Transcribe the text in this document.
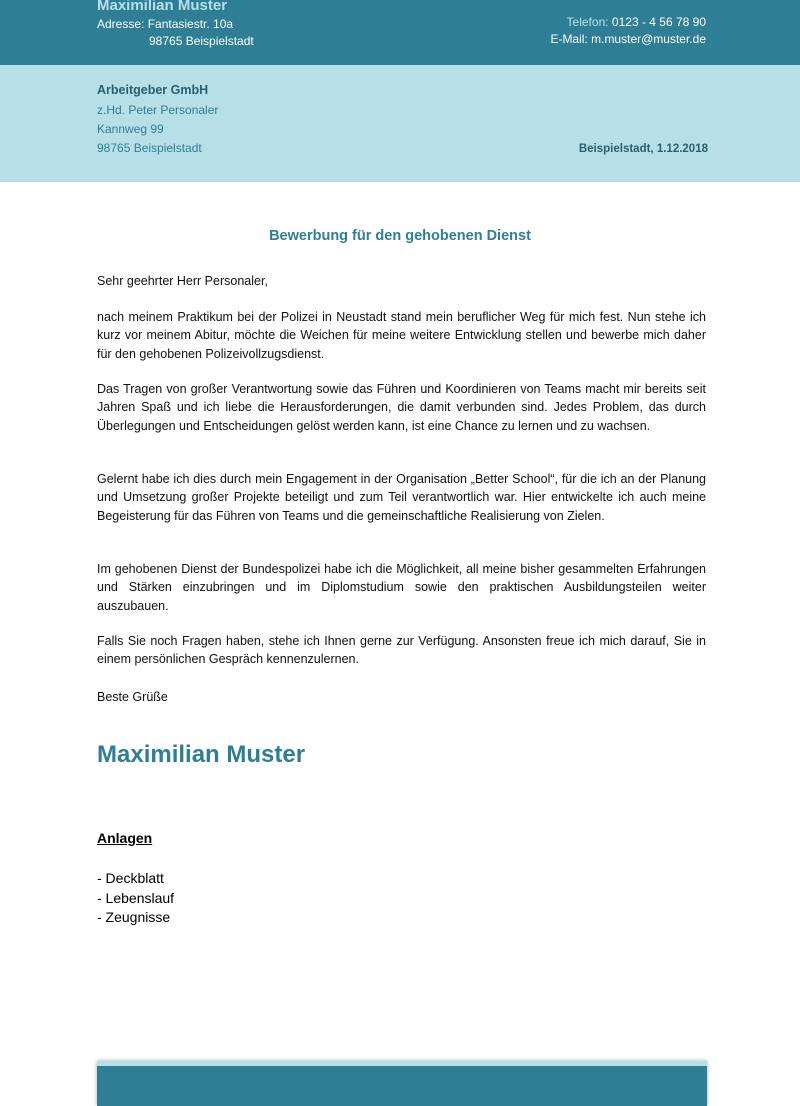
Maximilian Muster
Adresse: Fantasiestr. 10a
98765 Beispielstadt
Telefon: 0123 - 4 56 78 90
E-Mail: m.muster@muster.de
Arbeitgeber GmbH
z.Hd. Peter Personaler
Kannweg 99
98765 Beispielstadt	Beispielstadt, 1.12.2018
Bewerbung für den gehobenen Dienst

Sehr geehrter Herr Personaler,

nach meinem Praktikum bei der Polizei in Neustadt stand mein beruflicher Weg für mich fest. Nun stehe ich kurz vor meinem Abitur, möchte die Weichen für meine weitere Entwicklung stellen und bewerbe mich daher für den gehobenen Polizeivollzugsdienst.

Das Tragen von großer Verantwortung sowie das Führen und Koordinieren von Teams macht mir bereits seit Jahren Spaß und ich liebe die Herausforderungen, die damit verbunden sind. Jedes Problem, das durch Überlegungen und Entscheidungen gelöst werden kann, ist eine Chance zu lernen und zu wachsen.

Gelernt habe ich dies durch mein Engagement in der Organisation „Better School“, für die ich an der Planung und Umsetzung großer Projekte beteiligt und zum Teil verantwortlich war. Hier entwickelte ich auch meine Begeisterung für das Führen von Teams und die gemeinschaftliche Realisierung von Zielen.

Im gehobenen Dienst der Bundespolizei habe ich die Möglichkeit, all meine bisher gesammelten Erfahrungen und Stärken einzubringen und im Diplomstudium sowie den praktischen Ausbildungsteilen weiter auszubauen.

Falls Sie noch Fragen haben, stehe ich Ihnen gerne zur Verfügung. Ansonsten freue ich mich darauf, Sie in einem persönlichen Gespräch kennenzulernen.

Beste Grüße

Maximilian Muster
Anlagen
- Deckblatt
- Lebenslauf
- Zeugnisse
